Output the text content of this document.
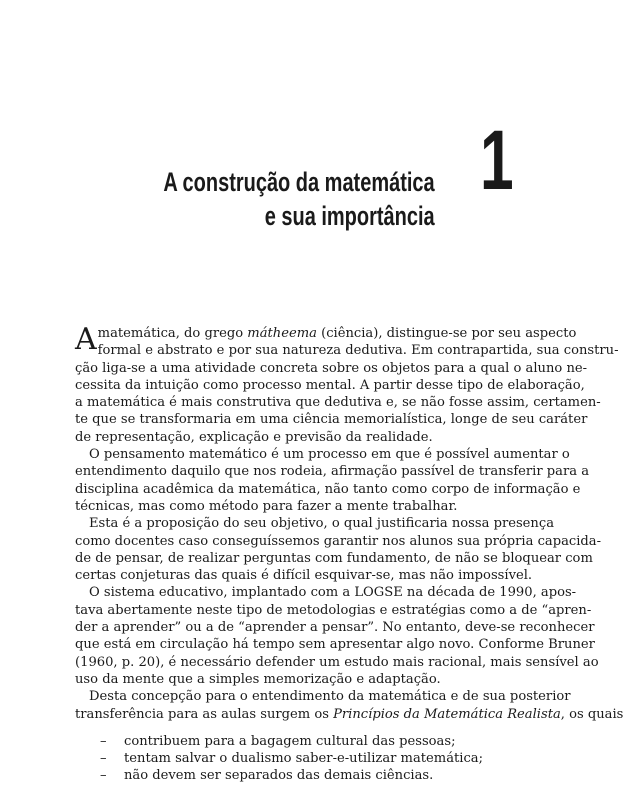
1
A construção da matemática
e sua importância

A matemática, do grego mátheema (ciência), distingue-se por seu aspecto
formal e abstrato e por sua natureza dedutiva. Em contrapartida, sua constru-
ção liga-se a uma atividade concreta sobre os objetos para a qual o aluno ne-
cessita da intuição como processo mental. A partir desse tipo de elaboração,
a matemática é mais construtiva que dedutiva e, se não fosse assim, certamen-
te que se transformaria em uma ciência memorialística, longe de seu caráter
de representação, explicação e previsão da realidade.

O pensamento matemático é um processo em que é possível aumentar o
entendimento daquilo que nos rodeia, afirmação passível de transferir para a
disciplina acadêmica da matemática, não tanto como corpo de informação e
técnicas, mas como método para fazer a mente trabalhar.

Esta é a proposição do seu objetivo, o qual justificaria nossa presença
como docentes caso conseguíssemos garantir nos alunos sua própria capacida-
de de pensar, de realizar perguntas com fundamento, de não se bloquear com
certas conjeturas das quais é difícil esquivar-se, mas não impossível.

O sistema educativo, implantado com a LOGSE na década de 1990, apos-
tava abertamente neste tipo de metodologias e estratégias como a de “apren-
der a aprender” ou a de “aprender a pensar”. No entanto, deve-se reconhecer
que está em circulação há tempo sem apresentar algo novo. Conforme Bruner
(1960, p. 20), é necessário defender um estudo mais racional, mais sensível ao
uso da mente que a simples memorização e adaptação.

Desta concepção para o entendimento da matemática e de sua posterior
transferência para as aulas surgem os Princípios da Matemática Realista, os quais

– contribuem para a bagagem cultural das pessoas;
– tentam salvar o dualismo saber-e-utilizar matemática;
– não devem ser separados das demais ciências.
